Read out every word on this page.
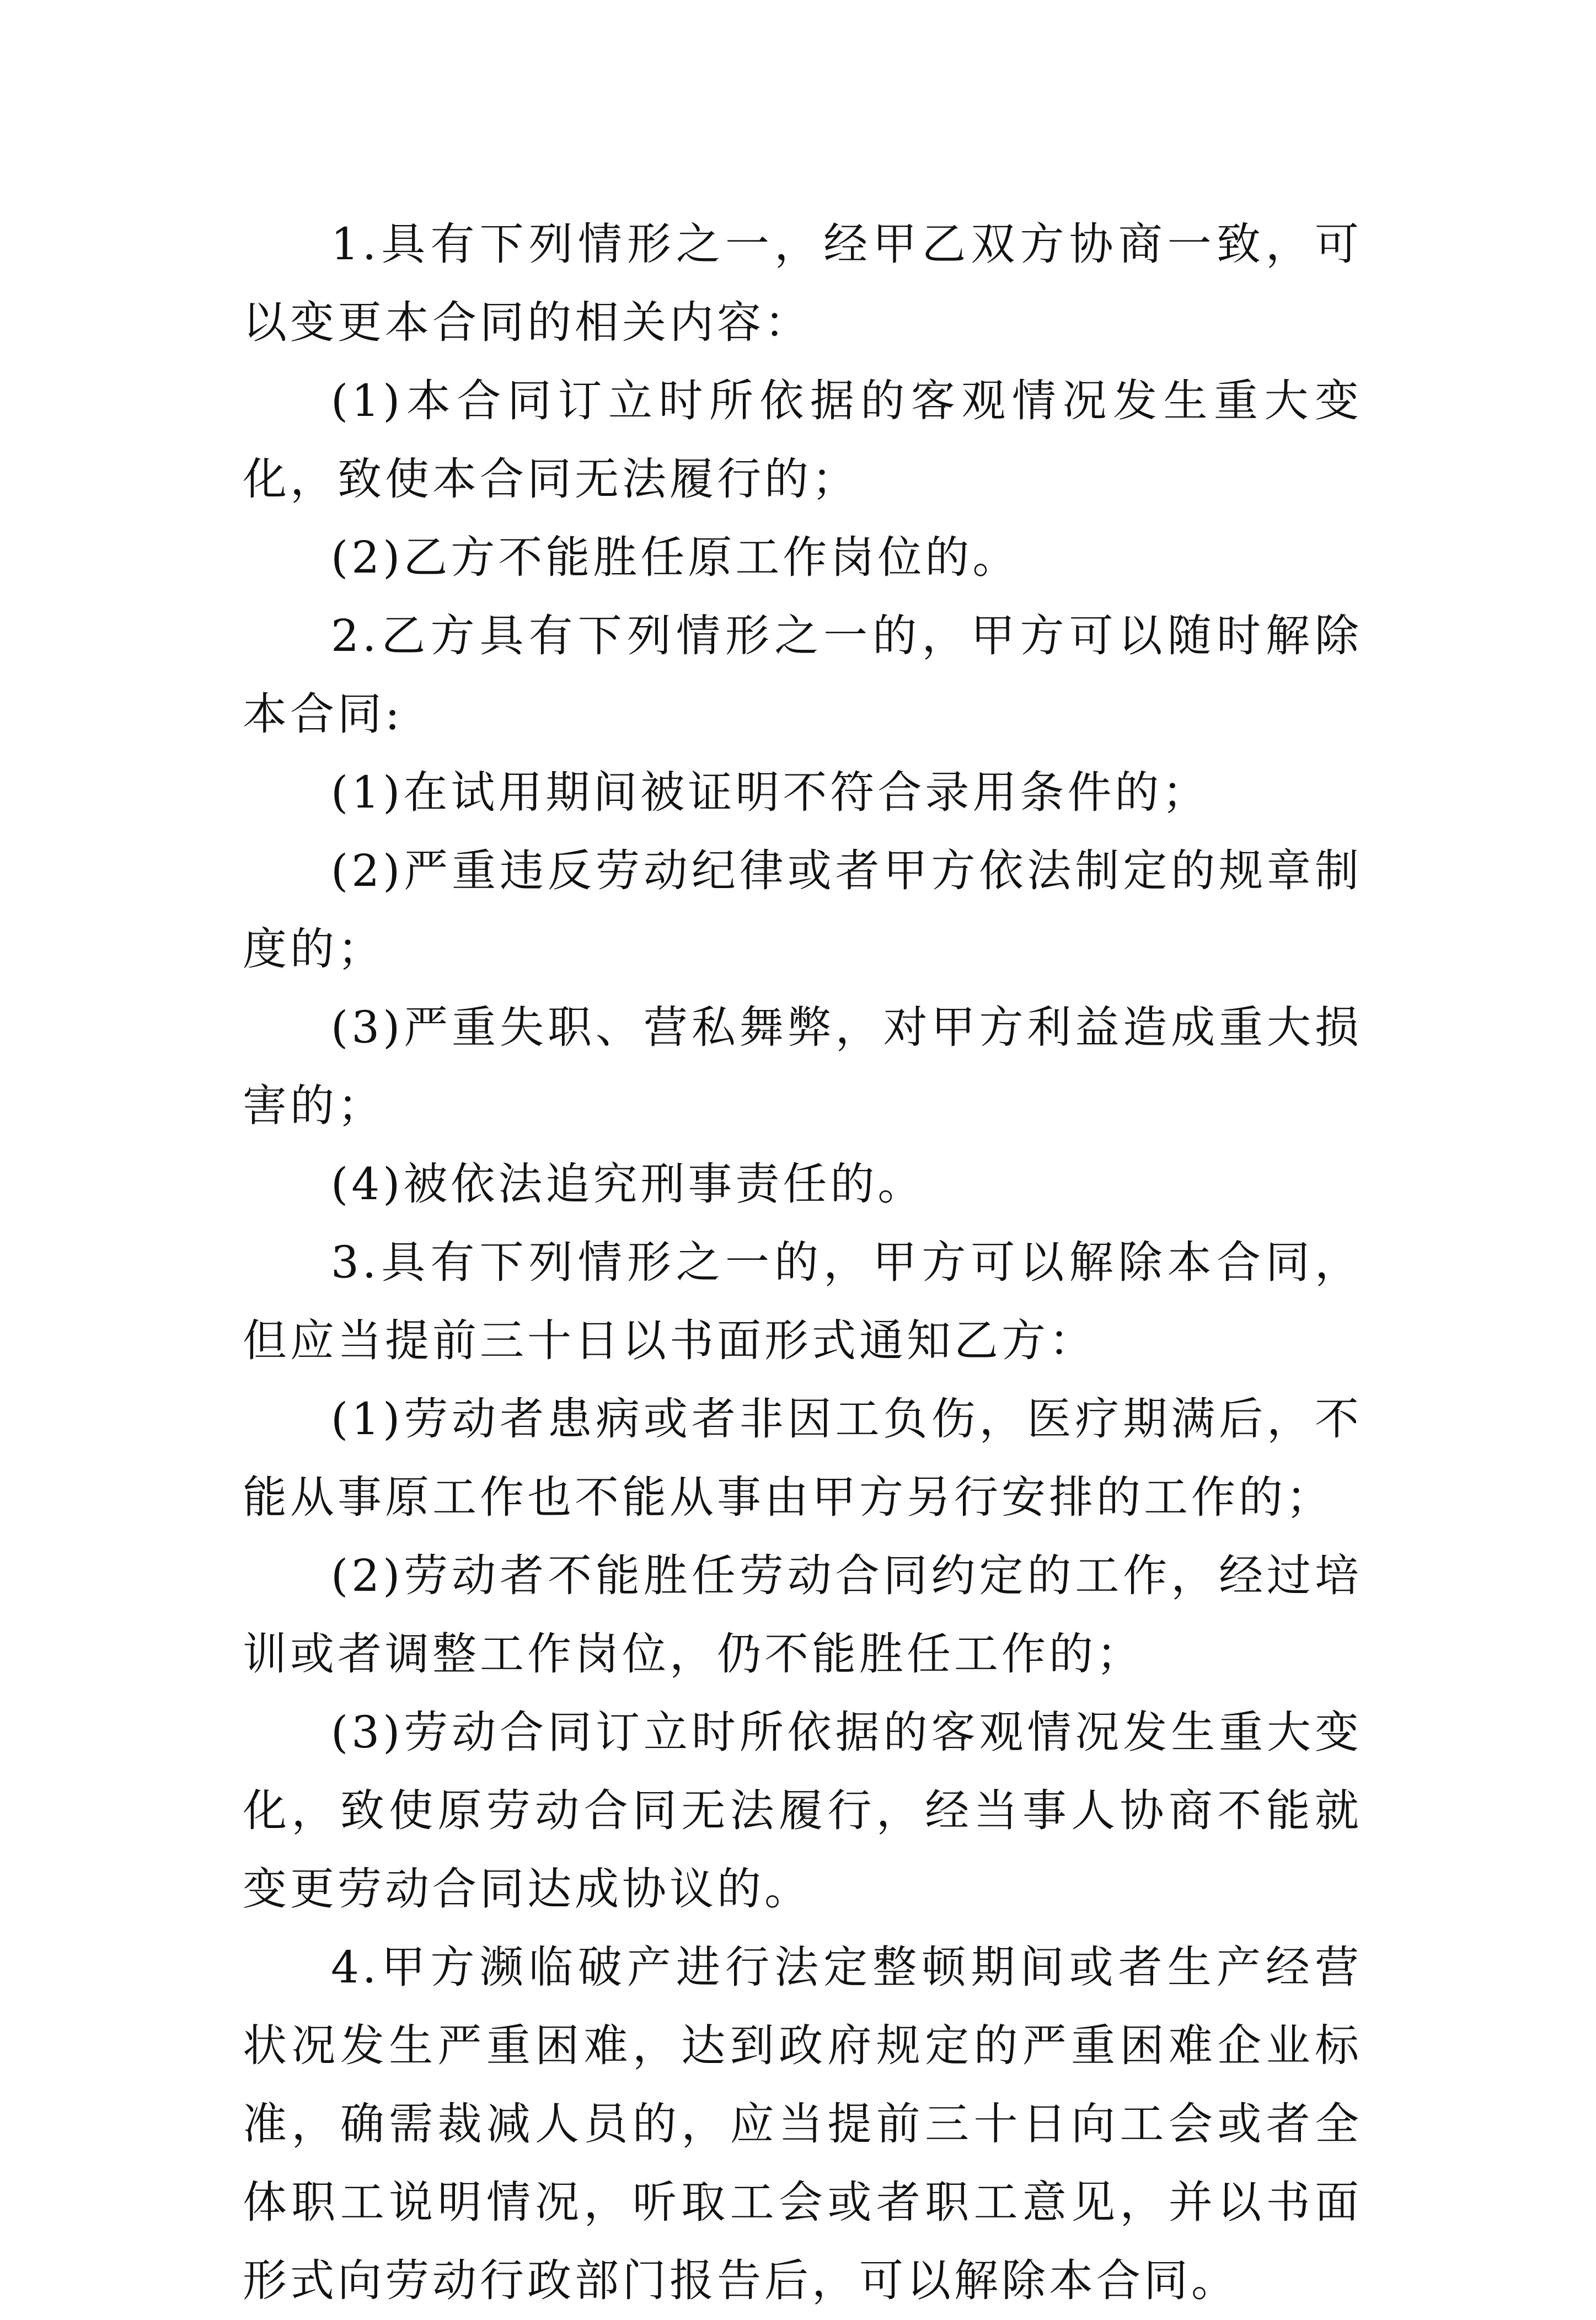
1.具有下列情形之一，经甲乙双方协商一致，可以变更本合同的相关内容：

(1)本合同订立时所依据的客观情况发生重大变化，致使本合同无法履行的；

(2)乙方不能胜任原工作岗位的。

2.乙方具有下列情形之一的，甲方可以随时解除本合同:

(1)在试用期间被证明不符合录用条件的；

(2)严重违反劳动纪律或者甲方依法制定的规章制度的；

(3)严重失职、营私舞弊，对甲方利益造成重大损害的；

(4)被依法追究刑事责任的。

3.具有下列情形之一的，甲方可以解除本合同，但应当提前三十日以书面形式通知乙方：

(1)劳动者患病或者非因工负伤，医疗期满后，不能从事原工作也不能从事由甲方另行安排的工作的；

(2)劳动者不能胜任劳动合同约定的工作，经过培训或者调整工作岗位，仍不能胜任工作的；

(3)劳动合同订立时所依据的客观情况发生重大变化，致使原劳动合同无法履行，经当事人协商不能就变更劳动合同达成协议的。

4.甲方濒临破产进行法定整顿期间或者生产经营状况发生严重困难，达到政府规定的严重困难企业标准，确需裁减人员的，应当提前三十日向工会或者全体职工说明情况，听取工会或者职工意见，并以书面形式向劳动行政部门报告后，可以解除本合同。
